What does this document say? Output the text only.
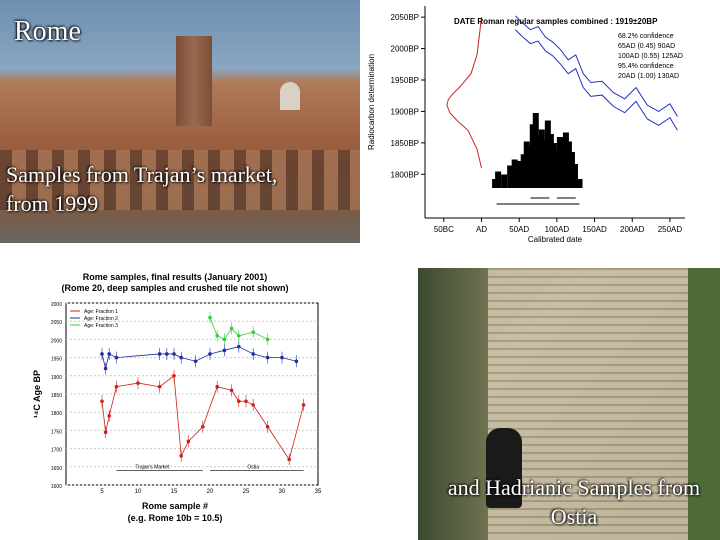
Rome
Samples from Trajan’s market, from 1999
2050BP
2000BP
1950BP
1900BP
1850BP
1800BP
50BC	AD	50AD 100AD 150AD 200AD 250AD
Calibrated date
Radiocarbon determination
DATE Roman regular samples combined : 1919±20BP
68.2% confidence
65AD (0.45) 90AD
100AD (0.55) 125AD
95.4% confidence
20AD (1.00) 130AD
2000
2050
2000
1950
1900
1850
1800
1750
1700
1650
1600
5	10	15	20	25	30	35
Rome samples, final results (January 2001)
(Rome 20, deep samples and crushed tile not shown)
Rome sample #
(e.g. Rome 10b = 10.5)
¹⁴C Age BP
Age: Fraction 1
Age: Fraction 2
Age: Fraction 3
Trajan's Market	Ostia
and Hadrianic Samples from Ostia
